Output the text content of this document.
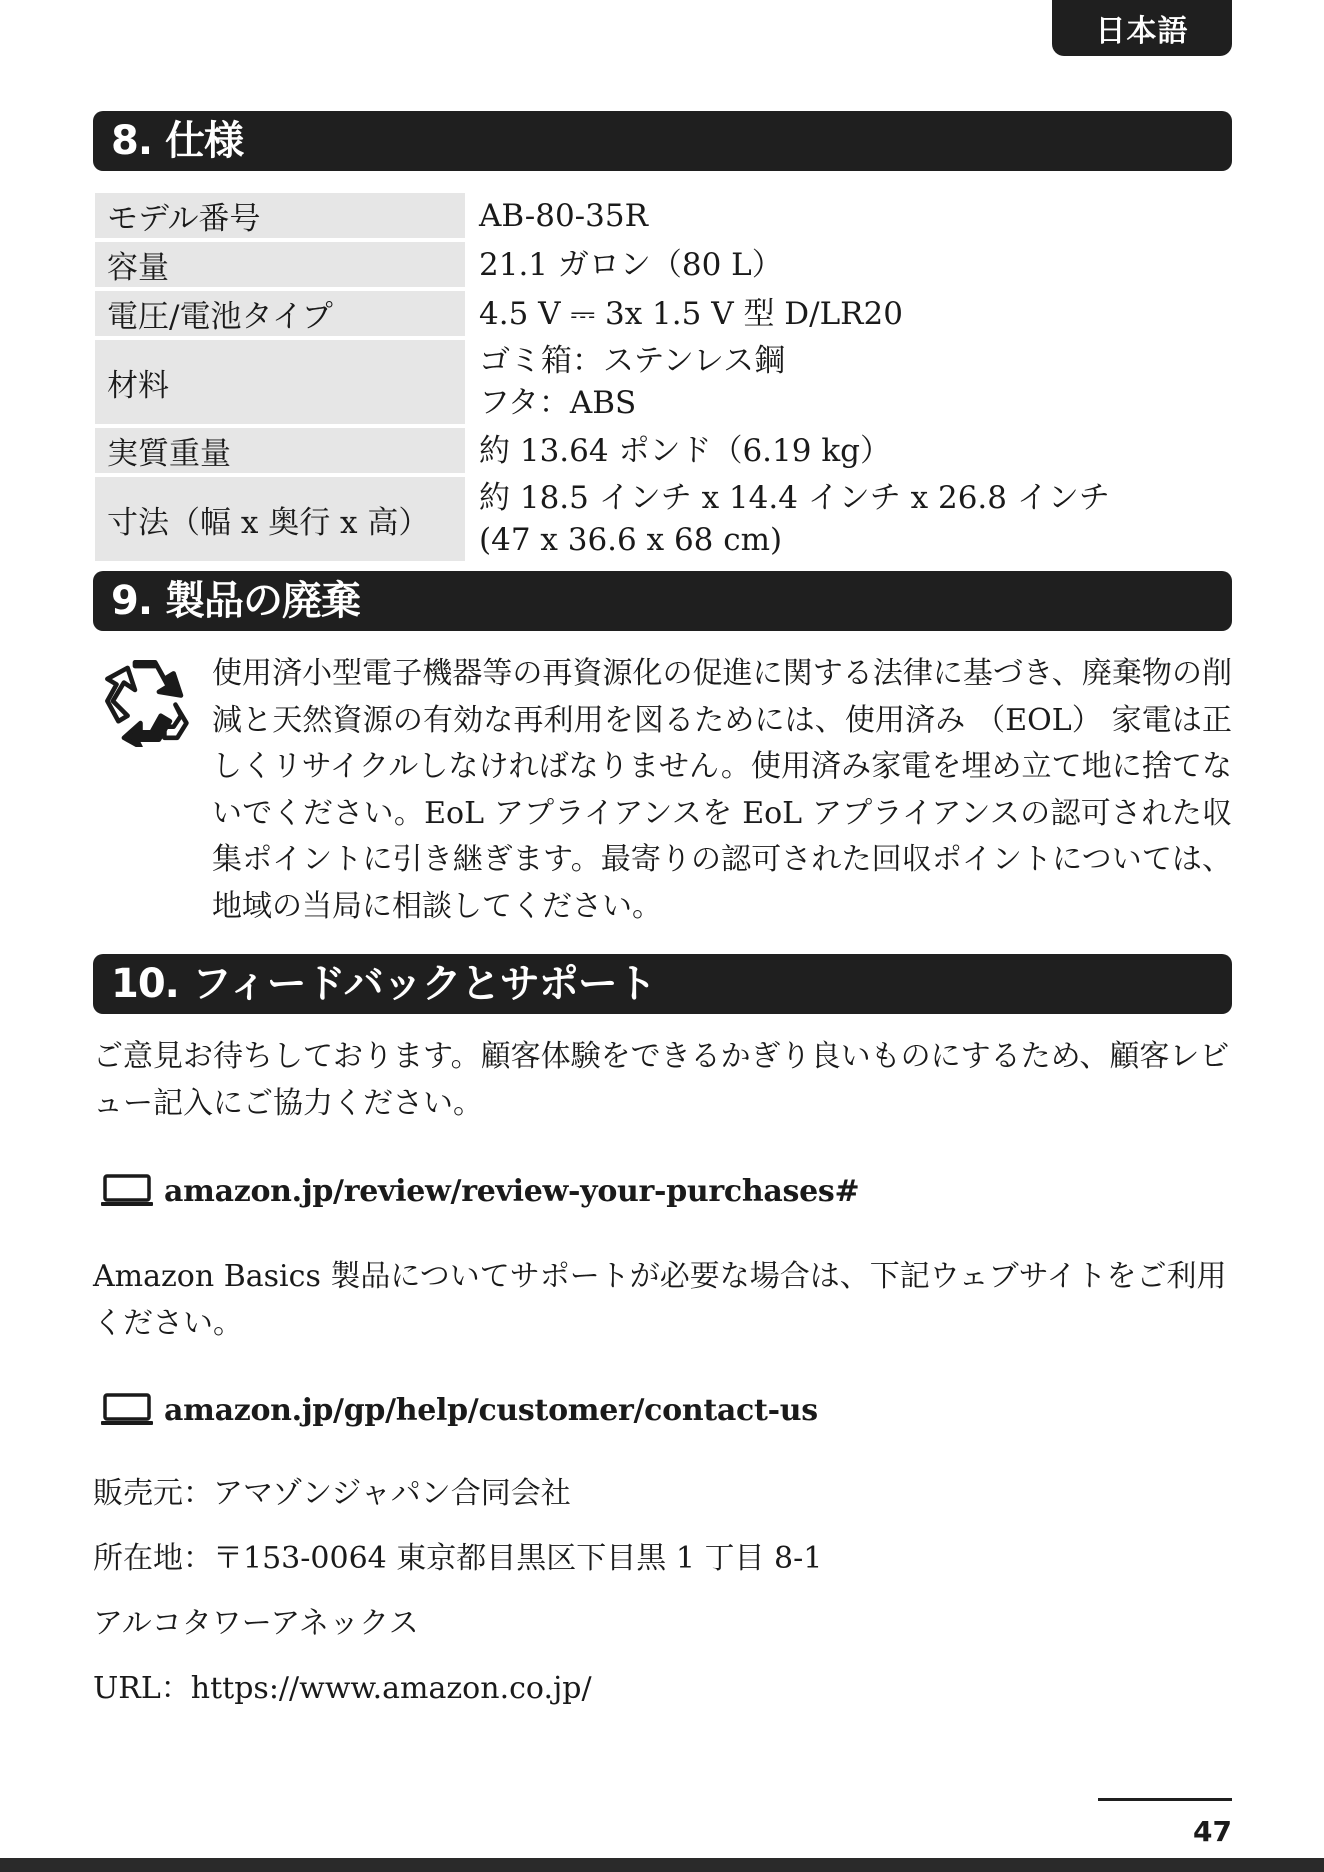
日本語
8. 仕様
モデル番号	AB-80-35R

容量	21.1 ガロン（80 L）

電圧/電池タイプ	4.5 V ⎓ 3x 1.5 V 型 D/LR20

材料	ゴミ箱：ステンレス鋼
フタ：ABS

実質重量	約 13.64 ポンド（6.19 kg）

寸法（幅 x 奥行 x 高）	約 18.5 インチ x 14.4 インチ x 26.8 インチ
(47 x 36.6 x 68 cm)
9. 製品の廃棄

使用済小型電子機器等の再資源化の促進に関する法律に基づき、廃棄物の削減と天然資源の有効な再利用を図るためには、使用済み （EOL） 家電は正しくリサイクルしなければなりません。使用済み家電を埋め立て地に捨てないでください。EoL アプライアンスを EoL アプライアンスの認可された収集ポイントに引き継ぎます。最寄りの認可された回収ポイントについては、地域の当局に相談してください。

10. フィードバックとサポート

ご意見お待ちしております。顧客体験をできるかぎり良いものにするため、顧客レビュー記入にご協力ください。

amazon.jp/review/review-your-purchases#

Amazon Basics 製品についてサポートが必要な場合は、下記ウェブサイトをご利用ください。

amazon.jp/gp/help/customer/contact-us

販売元：アマゾンジャパン合同会社

所在地：〒153-0064 東京都目黒区下目黒 1 丁目 8-1

アルコタワーアネックス

URL：https://www.amazon.co.jp/

47
